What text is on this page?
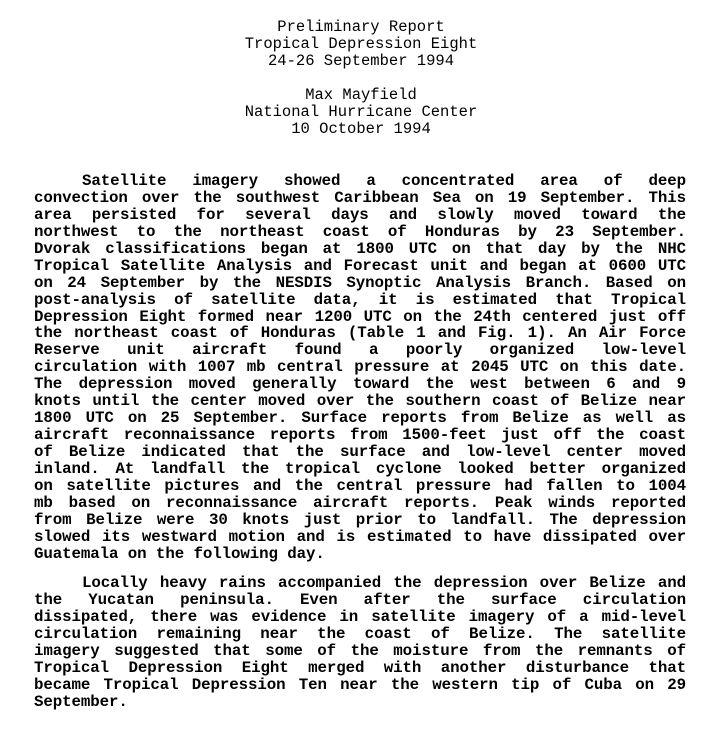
Preliminary Report
Tropical Depression Eight
24-26 September 1994
Max Mayfield
National Hurricane Center
10 October 1994
Satellite imagery showed a concentrated area of deep
convection over the southwest Caribbean Sea on 19 September. This
area persisted for several days and slowly moved toward the
northwest to the northeast coast of Honduras by 23 September.
Dvorak classifications began at 1800 UTC on that day by the NHC
Tropical Satellite Analysis and Forecast unit and began at 0600 UTC
on 24 September by the NESDIS Synoptic Analysis Branch. Based on
post-analysis of satellite data, it is estimated that Tropical
Depression Eight formed near 1200 UTC on the 24th centered just off
the northeast coast of Honduras (Table 1 and Fig. 1). An Air Force
Reserve unit aircraft found a poorly organized low-level
circulation with 1007 mb central pressure at 2045 UTC on this date.
The depression moved generally toward the west between 6 and 9
knots until the center moved over the southern coast of Belize near
1800 UTC on 25 September. Surface reports from Belize as well as
aircraft reconnaissance reports from 1500-feet just off the coast
of Belize indicated that the surface and low-level center moved
inland. At landfall the tropical cyclone looked better organized
on satellite pictures and the central pressure had fallen to 1004
mb based on reconnaissance aircraft reports. Peak winds reported
from Belize were 30 knots just prior to landfall. The depression
slowed its westward motion and is estimated to have dissipated over
Guatemala on the following day.
Locally heavy rains accompanied the depression over Belize and
the Yucatan peninsula. Even after the surface circulation
dissipated, there was evidence in satellite imagery of a mid-level
circulation remaining near the coast of Belize. The satellite
imagery suggested that some of the moisture from the remnants of
Tropical Depression Eight merged with another disturbance that
became Tropical Depression Ten near the western tip of Cuba on 29
September.
